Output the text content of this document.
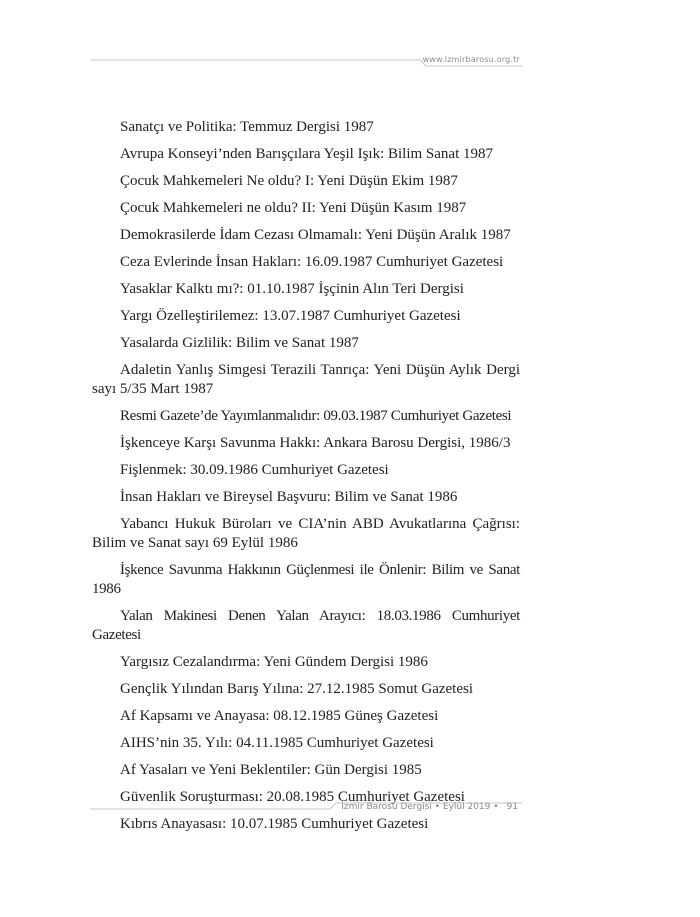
www.izmirbarosu.org.tr

Sanatçı ve Politika: Temmuz Dergisi 1987

Avrupa Konseyi’nden Barışçılara Yeşil Işık: Bilim Sanat 1987

Çocuk Mahkemeleri Ne oldu? I: Yeni Düşün Ekim 1987

Çocuk Mahkemeleri ne oldu? II: Yeni Düşün Kasım 1987

Demokrasilerde İdam Cezası Olmamalı: Yeni Düşün Aralık 1987

Ceza Evlerinde İnsan Hakları: 16.09.1987 Cumhuriyet Gazetesi

Yasaklar Kalktı mı?: 01.10.1987 İşçinin Alın Teri Dergisi

Yargı Özelleştirilemez: 13.07.1987 Cumhuriyet Gazetesi

Yasalarda Gizlilik: Bilim ve Sanat 1987

Adaletin Yanlış Simgesi Terazili Tanrıça: Yeni Düşün Aylık Dergi sayı 5/35 Mart 1987

Resmi Gazete’de Yayımlanmalıdır: 09.03.1987 Cumhuriyet Gazetesi

İşkenceye Karşı Savunma Hakkı: Ankara Barosu Dergisi, 1986/3

Fişlenmek: 30.09.1986 Cumhuriyet Gazetesi

İnsan Hakları ve Bireysel Başvuru: Bilim ve Sanat 1986

Yabancı Hukuk Büroları ve CIA’nin ABD Avukatlarına Çağrısı: Bilim ve Sanat sayı 69 Eylül 1986

İşkence Savunma Hakkının Güçlenmesi ile Önlenir: Bilim ve Sanat 1986

Yalan Makinesi Denen Yalan Arayıcı: 18.03.1986 Cumhuriyet Gazetesi

Yargısız Cezalandırma: Yeni Gündem Dergisi 1986

Gençlik Yılından Barış Yılına: 27.12.1985 Somut Gazetesi

Af Kapsamı ve Anayasa: 08.12.1985 Güneş Gazetesi

AIHS’nin 35. Yılı: 04.11.1985 Cumhuriyet Gazetesi

Af Yasaları ve Yeni Beklentiler: Gün Dergisi 1985

Güvenlik Soruşturması: 20.08.1985 Cumhuriyet Gazetesi

Kıbrıs Anayasası: 10.07.1985 Cumhuriyet Gazetesi

İzmir Barosu Dergisi • Eylül 2019 • 91
